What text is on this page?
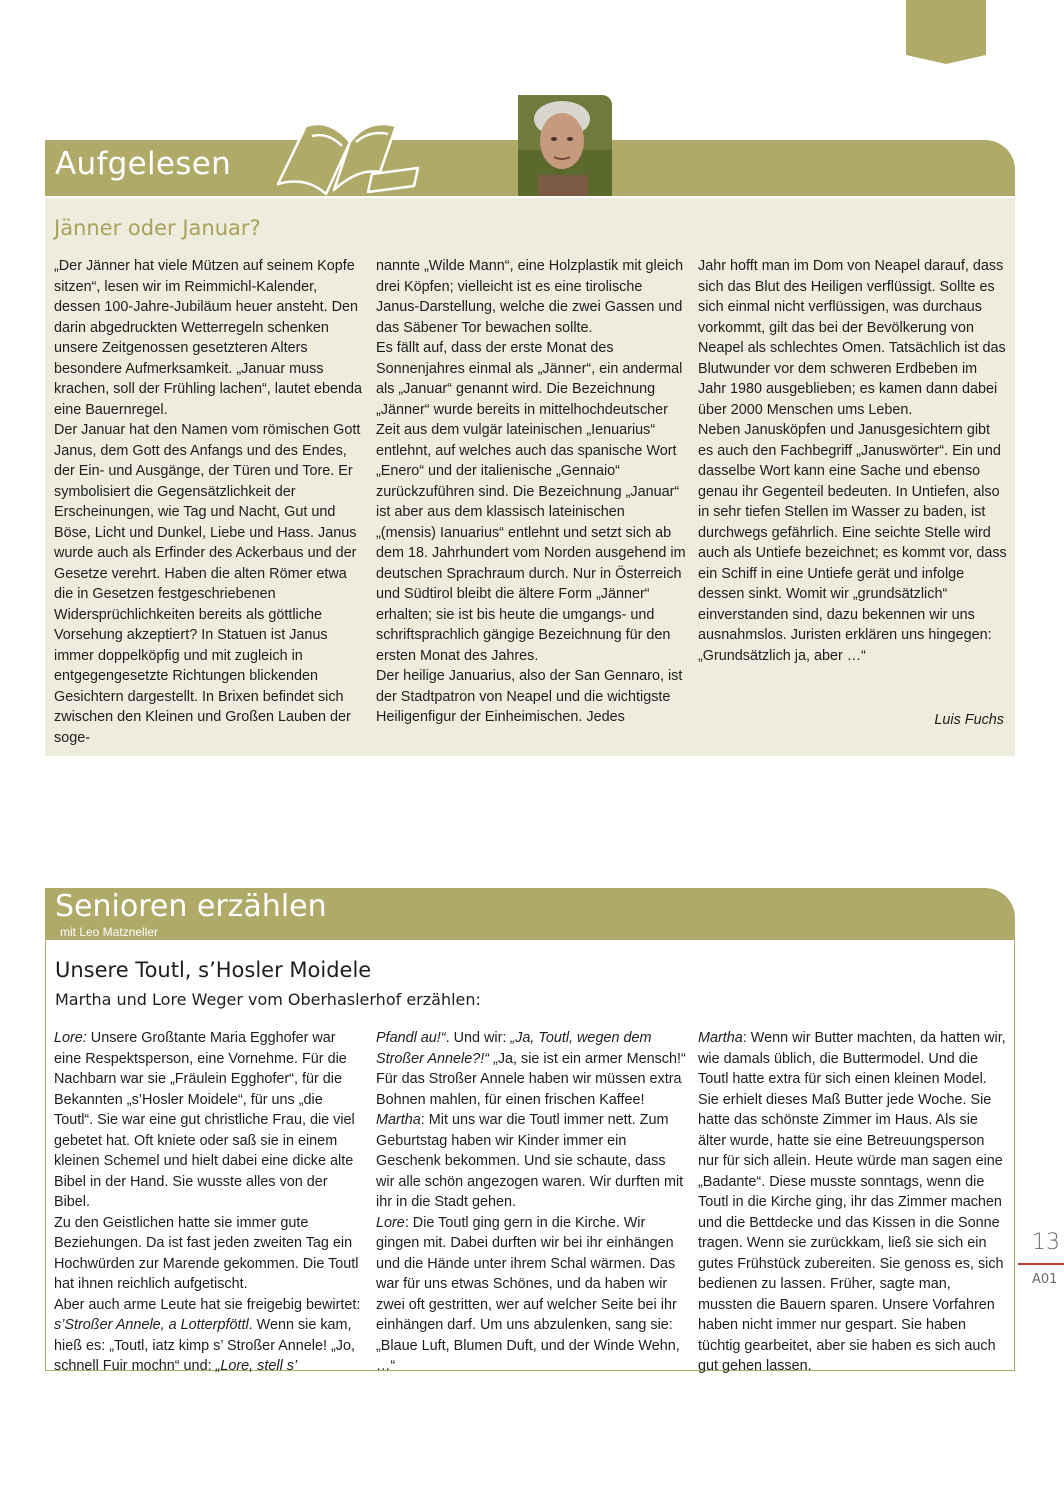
Aufgelesen
Jänner oder Januar?

„Der Jänner hat viele Mützen auf seinem Kopfe sitzen“, lesen wir im Reimmichl-Kalender, dessen 100-Jahre-Jubiläum heuer ansteht. Den darin abgedruckten Wetterregeln schenken unsere Zeitgenossen gesetzteren Alters besondere Aufmerksamkeit. „Januar muss krachen, soll der Frühling lachen“, lautet ebenda eine Bauernregel.

Der Januar hat den Namen vom römischen Gott Janus, dem Gott des Anfangs und des Endes, der Ein- und Ausgänge, der Türen und Tore. Er symbolisiert die Gegensätzlichkeit der Erscheinungen, wie Tag und Nacht, Gut und Böse, Licht und Dunkel, Liebe und Hass. Janus wurde auch als Erfinder des Ackerbaus und der Gesetze verehrt. Haben die alten Römer etwa die in Gesetzen festgeschriebenen Widersprüchlichkeiten bereits als göttliche Vorsehung akzeptiert? In Statuen ist Janus immer doppelköpfig und mit zugleich in entgegengesetzte Richtungen blickenden Gesichtern dargestellt. In Brixen befindet sich zwischen den Kleinen und Großen Lauben der soge-

nannte „Wilde Mann“, eine Holzplastik mit gleich drei Köpfen; vielleicht ist es eine tirolische Janus-Darstellung, welche die zwei Gassen und das Säbener Tor bewachen sollte.

Es fällt auf, dass der erste Monat des Sonnenjahres einmal als „Jänner“, ein andermal als „Januar“ genannt wird. Die Bezeichnung „Jänner“ wurde bereits in mittelhochdeutscher Zeit aus dem vulgär lateinischen „Ienuarius“ entlehnt, auf welches auch das spanische Wort „Enero“ und der italienische „Gennaio“ zurückzuführen sind. Die Bezeichnung „Januar“ ist aber aus dem klassisch lateinischen „(mensis) Ianuarius“ entlehnt und setzt sich ab dem 18. Jahrhundert vom Norden ausgehend im deutschen Sprachraum durch. Nur in Österreich und Südtirol bleibt die ältere Form „Jänner“ erhalten; sie ist bis heute die umgangs- und schriftsprachlich gängige Bezeichnung für den ersten Monat des Jahres.

Der heilige Januarius, also der San Gennaro, ist der Stadtpatron von Neapel und die wichtigste Heiligenfigur der Einheimischen. Jedes

Jahr hofft man im Dom von Neapel darauf, dass sich das Blut des Heiligen verflüssigt. Sollte es sich einmal nicht verflüssigen, was durchaus vorkommt, gilt das bei der Bevölkerung von Neapel als schlechtes Omen. Tatsächlich ist das Blutwunder vor dem schweren Erdbeben im Jahr 1980 ausgeblieben; es kamen dann dabei über 2000 Menschen ums Leben.

Neben Janusköpfen und Janusgesichtern gibt es auch den Fachbegriff „Januswörter“. Ein und dasselbe Wort kann eine Sache und ebenso genau ihr Gegenteil bedeuten. In Untiefen, also in sehr tiefen Stellen im Wasser zu baden, ist durchwegs gefährlich. Eine seichte Stelle wird auch als Untiefe bezeichnet; es kommt vor, dass ein Schiff in eine Untiefe gerät und infolge dessen sinkt. Womit wir „grundsätzlich“ einverstanden sind, dazu bekennen wir uns ausnahmslos. Juristen erklären uns hingegen: „Grundsätzlich ja, aber …“

Luis Fuchs
Senioren erzählen
mit Leo Matzneller
Unsere Toutl, s’Hosler Moidele
Martha und Lore Weger vom Oberhaslerhof erzählen:

Lore: Unsere Großtante Maria Egghofer war eine Respektsperson, eine Vornehme. Für die Nachbarn war sie „Fräulein Egghofer“, für die Bekannten „s’Hosler Moidele“, für uns „die Toutl“. Sie war eine gut christliche Frau, die viel gebetet hat. Oft kniete oder saß sie in einem kleinen Schemel und hielt dabei eine dicke alte Bibel in der Hand. Sie wusste alles von der Bibel.

Zu den Geistlichen hatte sie immer gute Beziehungen. Da ist fast jeden zweiten Tag ein Hochwürden zur Marende gekommen. Die Toutl hat ihnen reichlich aufgetischt.

Aber auch arme Leute hat sie freigebig bewirtet: s’Stroßer Annele, a Lotterpföttl. Wenn sie kam, hieß es: „Toutl, iatz kimp s’ Stroßer Annele! „Jo, schnell Fuir mochn“ und: „Lore, stell s’

Pfandl au!“. Und wir: „Ja, Toutl, wegen dem Stroßer Annele?!“ „Ja, sie ist ein armer Mensch!“ Für das Stroßer Annele haben wir müssen extra Bohnen mahlen, für einen frischen Kaffee!

Martha: Mit uns war die Toutl immer nett. Zum Geburtstag haben wir Kinder immer ein Geschenk bekommen. Und sie schaute, dass wir alle schön angezogen waren. Wir durften mit ihr in die Stadt gehen.

Lore: Die Toutl ging gern in die Kirche. Wir gingen mit. Dabei durften wir bei ihr einhängen und die Hände unter ihrem Schal wärmen. Das war für uns etwas Schönes, und da haben wir zwei oft gestritten, wer auf welcher Seite bei ihr einhängen darf. Um uns abzulenken, sang sie: „Blaue Luft, Blumen Duft, und der Winde Wehn, …“

Martha: Wenn wir Butter machten, da hatten wir, wie damals üblich, die Buttermodel. Und die Toutl hatte extra für sich einen kleinen Model. Sie erhielt dieses Maß Butter jede Woche. Sie hatte das schönste Zimmer im Haus. Als sie älter wurde, hatte sie eine Betreuungsperson nur für sich allein. Heute würde man sagen eine „Badante“. Diese musste sonntags, wenn die Toutl in die Kirche ging, ihr das Zimmer machen und die Bettdecke und das Kissen in die Sonne tragen. Wenn sie zurückkam, ließ sie sich ein gutes Frühstück zubereiten. Sie genoss es, sich bedienen zu lassen. Früher, sagte man, mussten die Bauern sparen. Unsere Vorfahren haben nicht immer nur gespart. Sie haben tüchtig gearbeitet, aber sie haben es sich auch gut gehen lassen.

13
A01
